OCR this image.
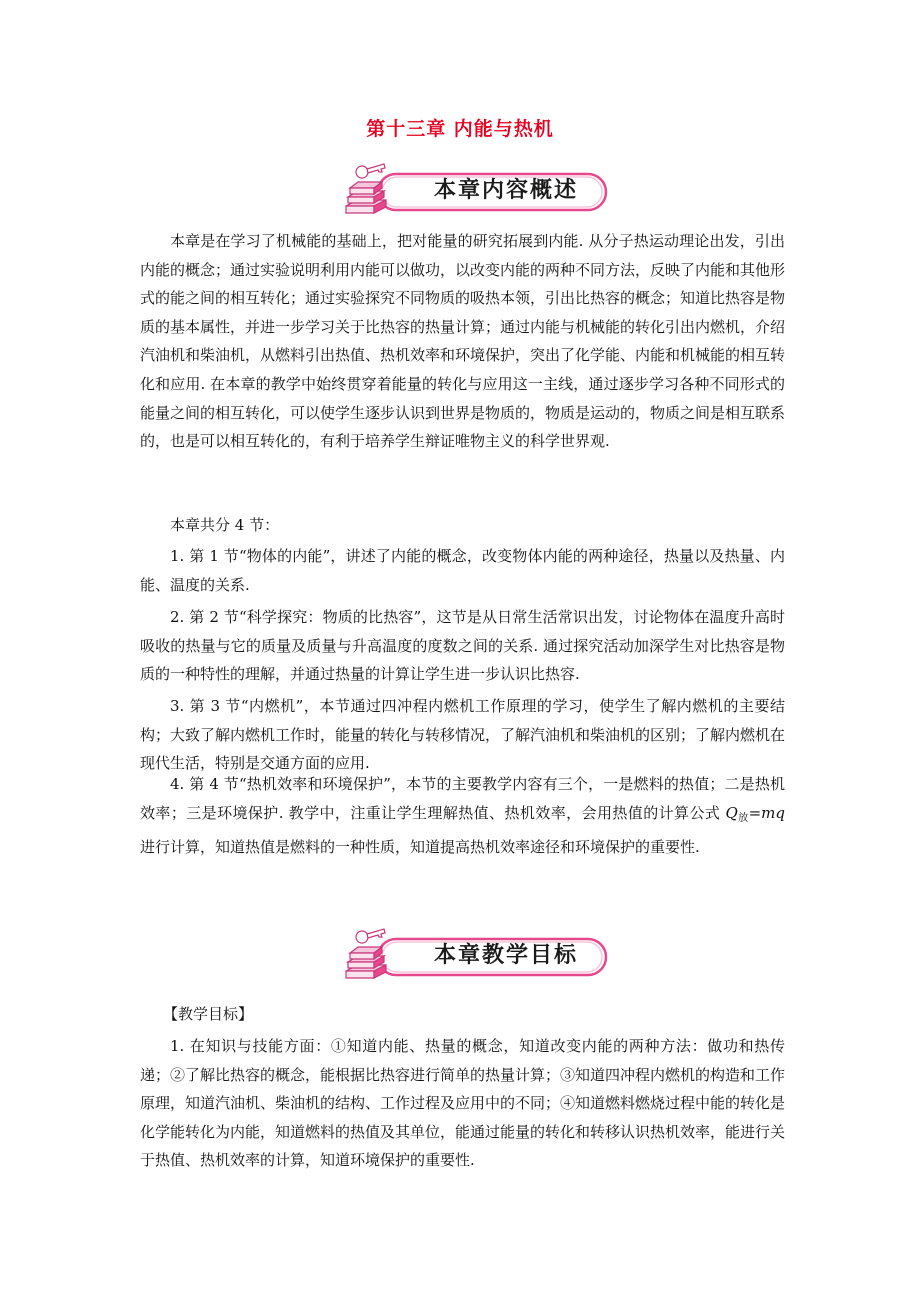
第十三章 内能与热机
本章内容概述

本章是在学习了机械能的基础上，把对能量的研究拓展到内能. 从分子热运动理论出发，引出内能的概念；通过实验说明利用内能可以做功，以改变内能的两种不同方法，反映了内能和其他形式的能之间的相互转化；通过实验探究不同物质的吸热本领，引出比热容的概念；知道比热容是物质的基本属性，并进一步学习关于比热容的热量计算；通过内能与机械能的转化引出内燃机，介绍汽油机和柴油机，从燃料引出热值、热机效率和环境保护，突出了化学能、内能和机械能的相互转化和应用. 在本章的教学中始终贯穿着能量的转化与应用这一主线，通过逐步学习各种不同形式的能量之间的相互转化，可以使学生逐步认识到世界是物质的，物质是运动的，物质之间是相互联系的，也是可以相互转化的，有利于培养学生辩证唯物主义的科学世界观.

本章共分 4 节：

1. 第 1 节“物体的内能”，讲述了内能的概念，改变物体内能的两种途径，热量以及热量、内能、温度的关系.

2. 第 2 节“科学探究：物质的比热容”，这节是从日常生活常识出发，讨论物体在温度升高时吸收的热量与它的质量及质量与升高温度的度数之间的关系. 通过探究活动加深学生对比热容是物质的一种特性的理解，并通过热量的计算让学生进一步认识比热容.

3. 第 3 节“内燃机”，本节通过四冲程内燃机工作原理的学习，使学生了解内燃机的主要结构；大致了解内燃机工作时，能量的转化与转移情况，了解汽油机和柴油机的区别；了解内燃机在现代生活，特别是交通方面的应用.

4. 第 4 节“热机效率和环境保护”，本节的主要教学内容有三个，一是燃料的热值；二是热机效率；三是环境保护. 教学中，注重让学生理解热值、热机效率，会用热值的计算公式 $Q_放=mq$ 进行计算，知道热值是燃料的一种性质，知道提高热机效率途径和环境保护的重要性.

本章教学目标

【教学目标】

1. 在知识与技能方面：①知道内能、热量的概念，知道改变内能的两种方法：做功和热传递；②了解比热容的概念，能根据比热容进行简单的热量计算；③知道四冲程内燃机的构造和工作原理，知道汽油机、柴油机的结构、工作过程及应用中的不同；④知道燃料燃烧过程中能的转化是化学能转化为内能，知道燃料的热值及其单位，能通过能量的转化和转移认识热机效率，能进行关于热值、热机效率的计算，知道环境保护的重要性.
